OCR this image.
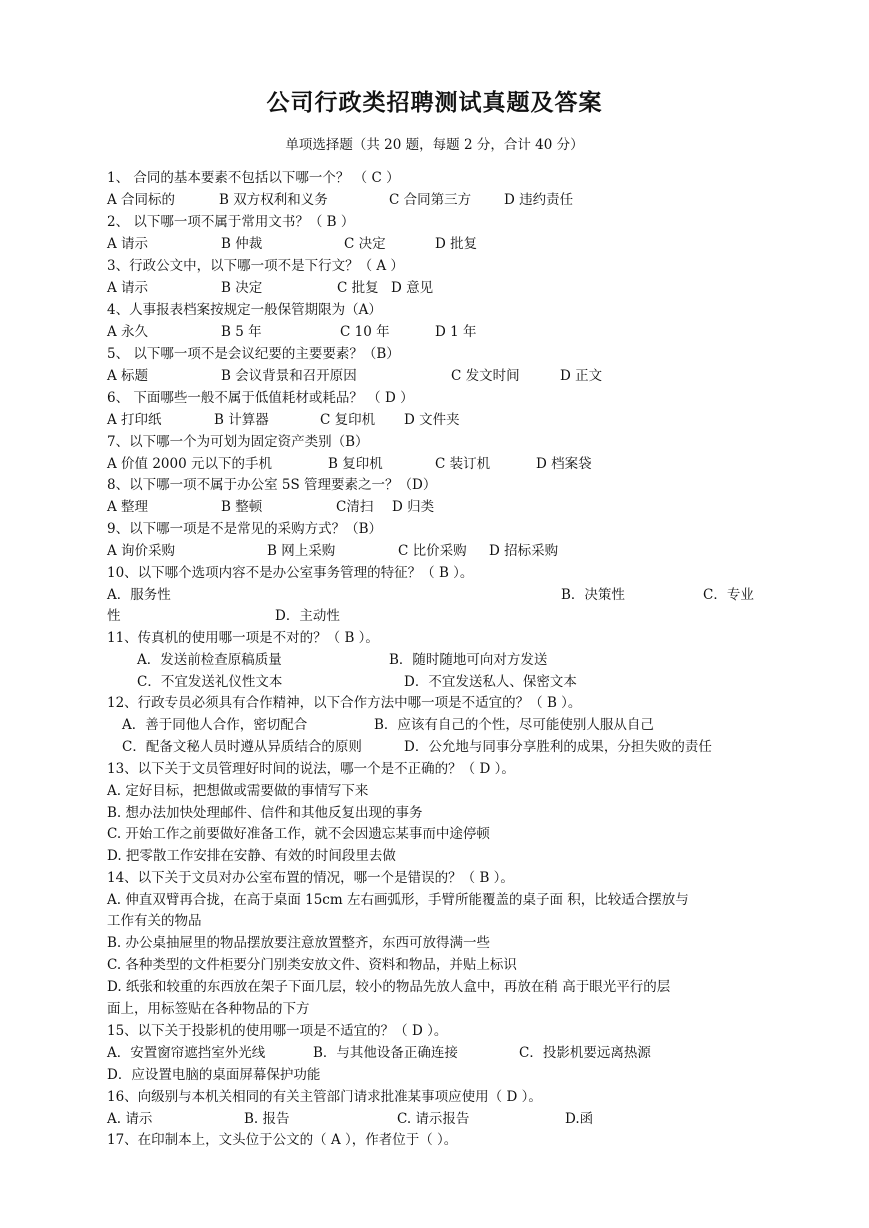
公司行政类招聘测试真题及答案
单项选择题（共 20 题，每题 2 分，合计 40 分）
1、 合同的基本要素不包括以下哪一个？ （ C ）
A 合同标的	B 双方权利和义务	C 合同第三方 D 违约责任
2、 以下哪一项不属于常用文书？（ B ）
A 请示	B 仲裁	C 决定	D 批复
3、行政公文中，以下哪一项不是下行文？（ A ）
A 请示	B 决定	C 批复 D 意见
4、人事报表档案按规定一般保管期限为（A）
A 永久	B 5 年	C 10 年	D 1 年
5、 以下哪一项不是会议纪要的主要要素？（B）
A 标题	B 会议背景和召开原因	C 发文时间	D 正文
6、 下面哪些一般不属于低值耗材或耗品？ （ D ）
A 打印纸	B 计算器	C 复印机 D 文件夹
7、以下哪一个为可划为固定资产类别（B）
A 价值 2000 元以下的手机	B 复印机	C 装订机	D 档案袋
8、以下哪一项不属于办公室 5S 管理要素之一？（D）
A 整理	B 整顿	C清扫 D 归类
9、以下哪一项是不是常见的采购方式？（B）
A 询价采购	B 网上采购	C 比价采购 D 招标采购
10、以下哪个选项内容不是办公室事务管理的特征？（ B ）。
A．服务性	B．决策性	C．专业
性	D．主动性
11、传真机的使用哪一项是不对的？（ B ）。
A．发送前检查原稿质量	B．随时随地可向对方发送
C．不宜发送礼仪性文本	D．不宜发送私人、保密文本
12、行政专员必须具有合作精神，以下合作方法中哪一项是不适宜的？（ B ）。
A．善于同他人合作，密切配合	B．应该有自己的个性，尽可能使别人服从自己
C．配备文秘人员时遵从异质结合的原则	D．公允地与同事分享胜利的成果，分担失败的责任
13、以下关于文员管理好时间的说法，哪一个是不正确的？（ D ）。
A. 定好目标，把想做或需要做的事情写下来
B. 想办法加快处理邮件、信件和其他反复出现的事务
C. 开始工作之前要做好准备工作，就不会因遗忘某事而中途停顿
D. 把零散工作安排在安静、有效的时间段里去做
14、以下关于文员对办公室布置的情况，哪一个是错误的？（ B ）。
A. 伸直双臂再合拢，在高于桌面 15cm 左右画弧形，手臂所能覆盖的桌子面 积，比较适合摆放与
工作有关的物品
B. 办公桌抽屉里的物品摆放要注意放置整齐，东西可放得满一些
C. 各种类型的文件柜要分门别类安放文件、资料和物品，并贴上标识
D. 纸张和较重的东西放在架子下面几层，较小的物品先放人盒中，再放在稍 高于眼光平行的层
面上，用标签贴在各种物品的下方
15、以下关于投影机的使用哪一项是不适宜的？（ D ）。
A．安置窗帘遮挡室外光线	B．与其他设备正确连接	C．投影机要远离热源
D．应设置电脑的桌面屏幕保护功能
16、向级别与本机关相同的有关主管部门请求批准某事项应使用（ D ）。
A. 请示	B. 报告	C. 请示报告	D.函
17、在印制本上，文头位于公文的（ A ），作者位于（ ）。
